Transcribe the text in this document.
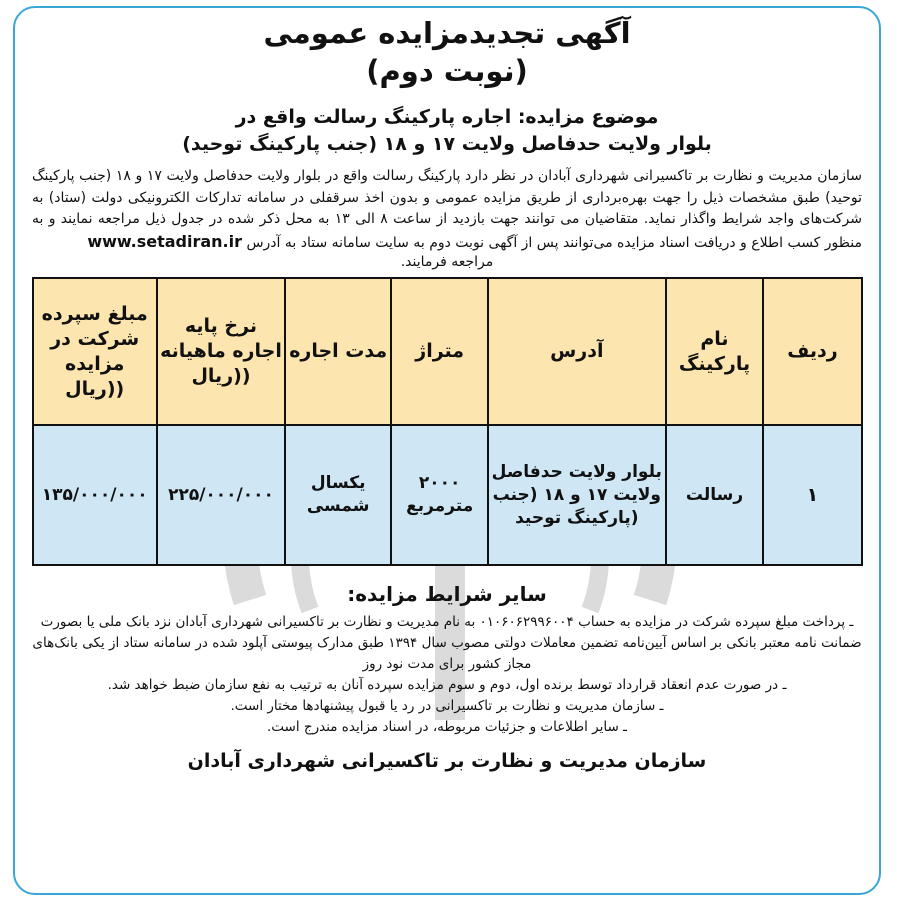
آگهی تجدیدمزایده عمومی
(نوبت دوم)
موضوع مزایده: اجاره پارکینگ رسالت واقع در
بلوار ولایت حدفاصل ولایت ۱۷ و ۱۸ (جنب پارکینگ توحید)
سازمان مدیریت و نظارت بر تاکسیرانی شهرداری آبادان در نظر دارد پارکینگ رسالت واقع در بلوار ولایت حدفاصل ولایت ۱۷ و ۱۸ (جنب پارکینگ توحید) طبق مشخصات ذیل را جهت بهره‌برداری از طریق مزایده عمومی و بدون اخذ سرقفلی در سامانه تدارکات الکترونیکی دولت (ستاد) به شرکت‌های واجد شرایط واگذار نماید. متقاضیان می توانند جهت بازدید از ساعت ۸ الی ۱۳ به محل ذکر شده در جدول ذیل مراجعه نمایند و به منظور کسب اطلاع و دریافت اسناد مزایده می‌توانند پس از آگهی نوبت دوم به سایت سامانه ستاد به آدرس www.setadiran.ir
مراجعه فرمایند.
ردیف	نام پارکینگ	آدرس	متراژ	مدت اجاره	نرخ پایه اجاره ماهیانه ((ریال	مبلغ سپرده شرکت در مزایده ((ریال
۱	رسالت	بلوار ولایت حدفاصل ولایت ۱۷ و ۱۸ (جنب (پارکینگ توحید	۲۰۰۰ مترمربع	یکسال شمسی	۲۲۵/۰۰۰/۰۰۰	۱۳۵/۰۰۰/۰۰۰
سایر شرایط مزایده:
ـ پرداخت مبلغ سپرده شرکت در مزایده به حساب ۰۱۰۶۰۶۲۹۹۶۰۰۴ به نام مدیریت و نظارت بر تاکسیرانی شهرداری آبادان نزد بانک ملی یا بصورت ضمانت نامه معتبر بانکی بر اساس آیین‌نامه تضمین معاملات دولتی مصوب سال ۱۳۹۴ طبق مدارک پیوستی آپلود شده در سامانه ستاد از یکی بانک‌های مجاز کشور برای مدت نود روز
ـ در صورت عدم انعقاد قرارداد توسط برنده اول، دوم و سوم مزایده سپرده آنان به ترتیب به نفع سازمان ضبط خواهد شد.
ـ سازمان مدیریت و نظارت بر تاکسیرانی در رد یا قبول پیشنهادها مختار است.
ـ سایر اطلاعات و جزئیات مربوطه، در اسناد مزایده مندرج است.
سازمان مدیریت و نظارت بر تاکسیرانی شهرداری آبادان
